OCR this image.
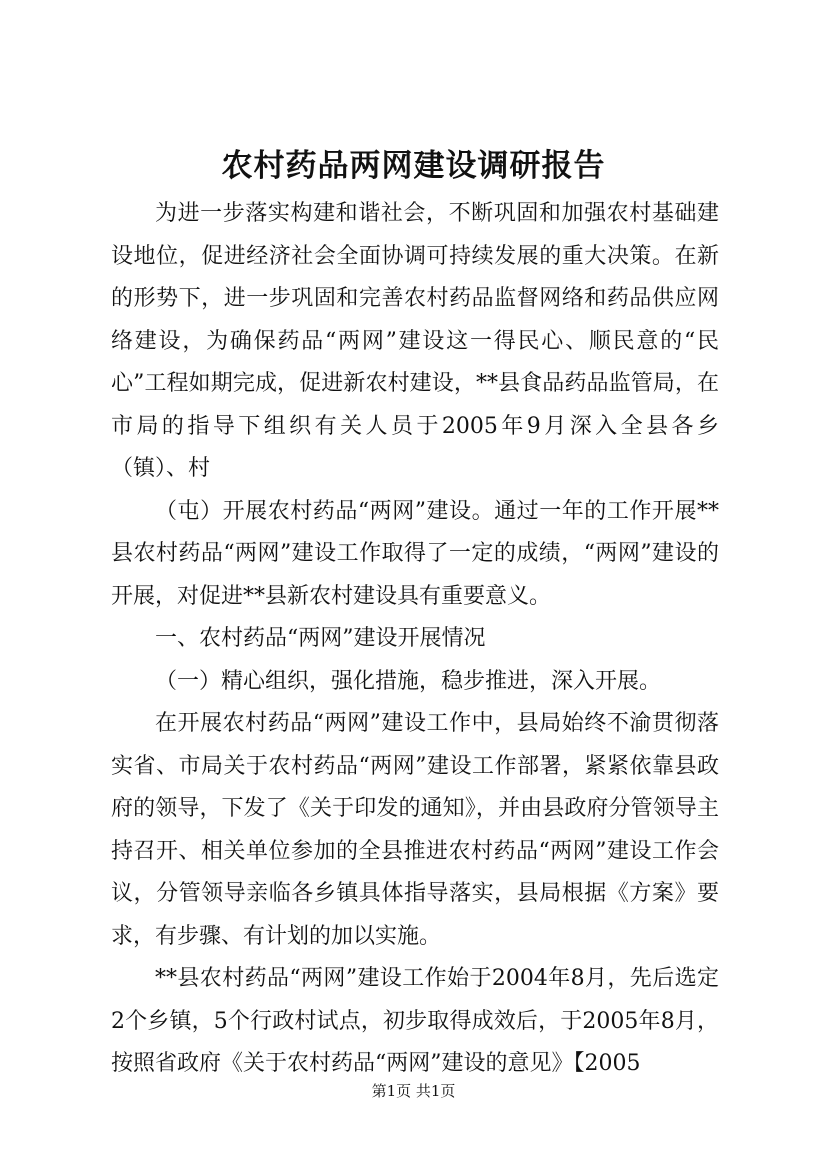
农村药品两网建设调研报告

为进一步落实构建和谐社会，不断巩固和加强农村基础建设地位，促进经济社会全面协调可持续发展的重大决策。在新的形势下，进一步巩固和完善农村药品监督网络和药品供应网络建设，为确保药品“两网”建设这一得民心、顺民意的“民心”工程如期完成，促进新农村建设，**县食品药品监管局，在市局的指导下组织有关人员于2005年9月深入全县各乡（镇）、村

（屯）开展农村药品“两网”建设。通过一年的工作开展**县农村药品“两网”建设工作取得了一定的成绩，“两网”建设的开展，对促进**县新农村建设具有重要意义。

一、农村药品“两网”建设开展情况

（一）精心组织，强化措施，稳步推进，深入开展。

在开展农村药品“两网”建设工作中，县局始终不渝贯彻落实省、市局关于农村药品“两网”建设工作部署，紧紧依靠县政府的领导，下发了《关于印发的通知》，并由县政府分管领导主持召开、相关单位参加的全县推进农村药品“两网”建设工作会议，分管领导亲临各乡镇具体指导落实，县局根据《方案》要求，有步骤、有计划的加以实施。

**县农村药品“两网”建设工作始于2004年8月，先后选定2个乡镇，5个行政村试点，初步取得成效后，于2005年8月，按照省政府《关于农村药品“两网”建设的意见》【2005

第1页 共1页
